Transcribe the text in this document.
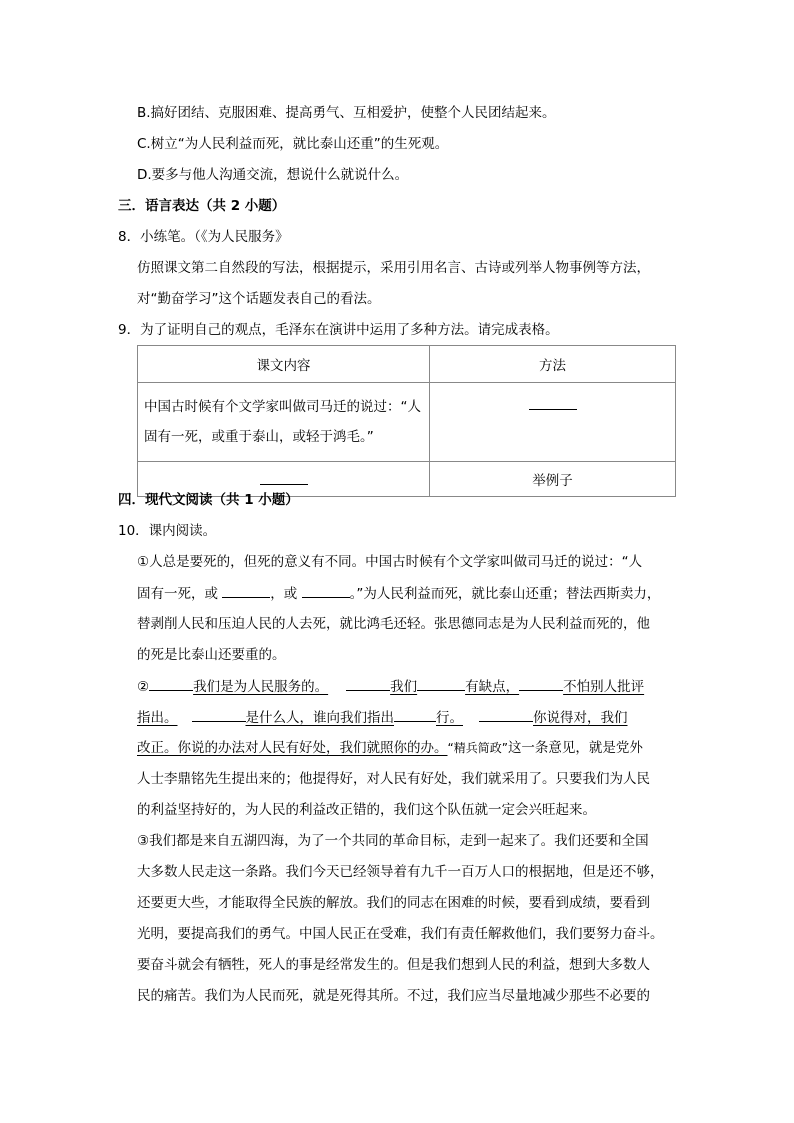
B.搞好团结、克服困难、提高勇气、互相爱护，使整个人民团结起来。
C.树立“为人民利益而死，就比泰山还重”的生死观。
D.要多与他人沟通交流，想说什么就说什么。
三．语言表达（共 2 小题）
8．小练笔。（《为人民服务》
仿照课文第二自然段的写法，根据提示，采用引用名言、古诗或列举人物事例等方法，
对“勤奋学习”这个话题发表自己的看法。
9．为了证明自己的观点，毛泽东在演讲中运用了多种方法。请完成表格。
课文内容	方法

中国古时候有个文学家叫做司马迁的说过：“人固有一死，或重于泰山，或轻于鸿毛。”	

	举例子
四．现代文阅读（共 1 小题）
10．课内阅读。
①人总是要死的，但死的意义有不同。中国古时候有个文学家叫做司马迁的说过：“人
固有一死，或	，或	。”为人民利益而死，就比泰山还重；替法西斯卖力，
替剥削人民和压迫人民的人去死，就比鸿毛还轻。张思德同志是为人民利益而死的，他
的死是比泰山还要重的。
②	我们是为人民服务的。	我们	有缺点，	不怕别人批评
指出。	是什么人，谁向我们指出	行。	你说得对，我们
改正。你说的办法对人民有好处，我们就照你的办。“精兵简政”这一条意见，就是党外
人士李鼎铭先生提出来的；他提得好，对人民有好处，我们就采用了。只要我们为人民
的利益坚持好的，为人民的利益改正错的，我们这个队伍就一定会兴旺起来。
③我们都是来自五湖四海，为了一个共同的革命目标，走到一起来了。我们还要和全国
大多数人民走这一条路。我们今天已经领导着有九千一百万人口的根据地，但是还不够，
还要更大些，才能取得全民族的解放。我们的同志在困难的时候，要看到成绩，要看到
光明，要提高我们的勇气。中国人民正在受难，我们有责任解救他们，我们要努力奋斗。
要奋斗就会有牺牲，死人的事是经常发生的。但是我们想到人民的利益，想到大多数人
民的痛苦。我们为人民而死，就是死得其所。不过，我们应当尽量地减少那些不必要的
